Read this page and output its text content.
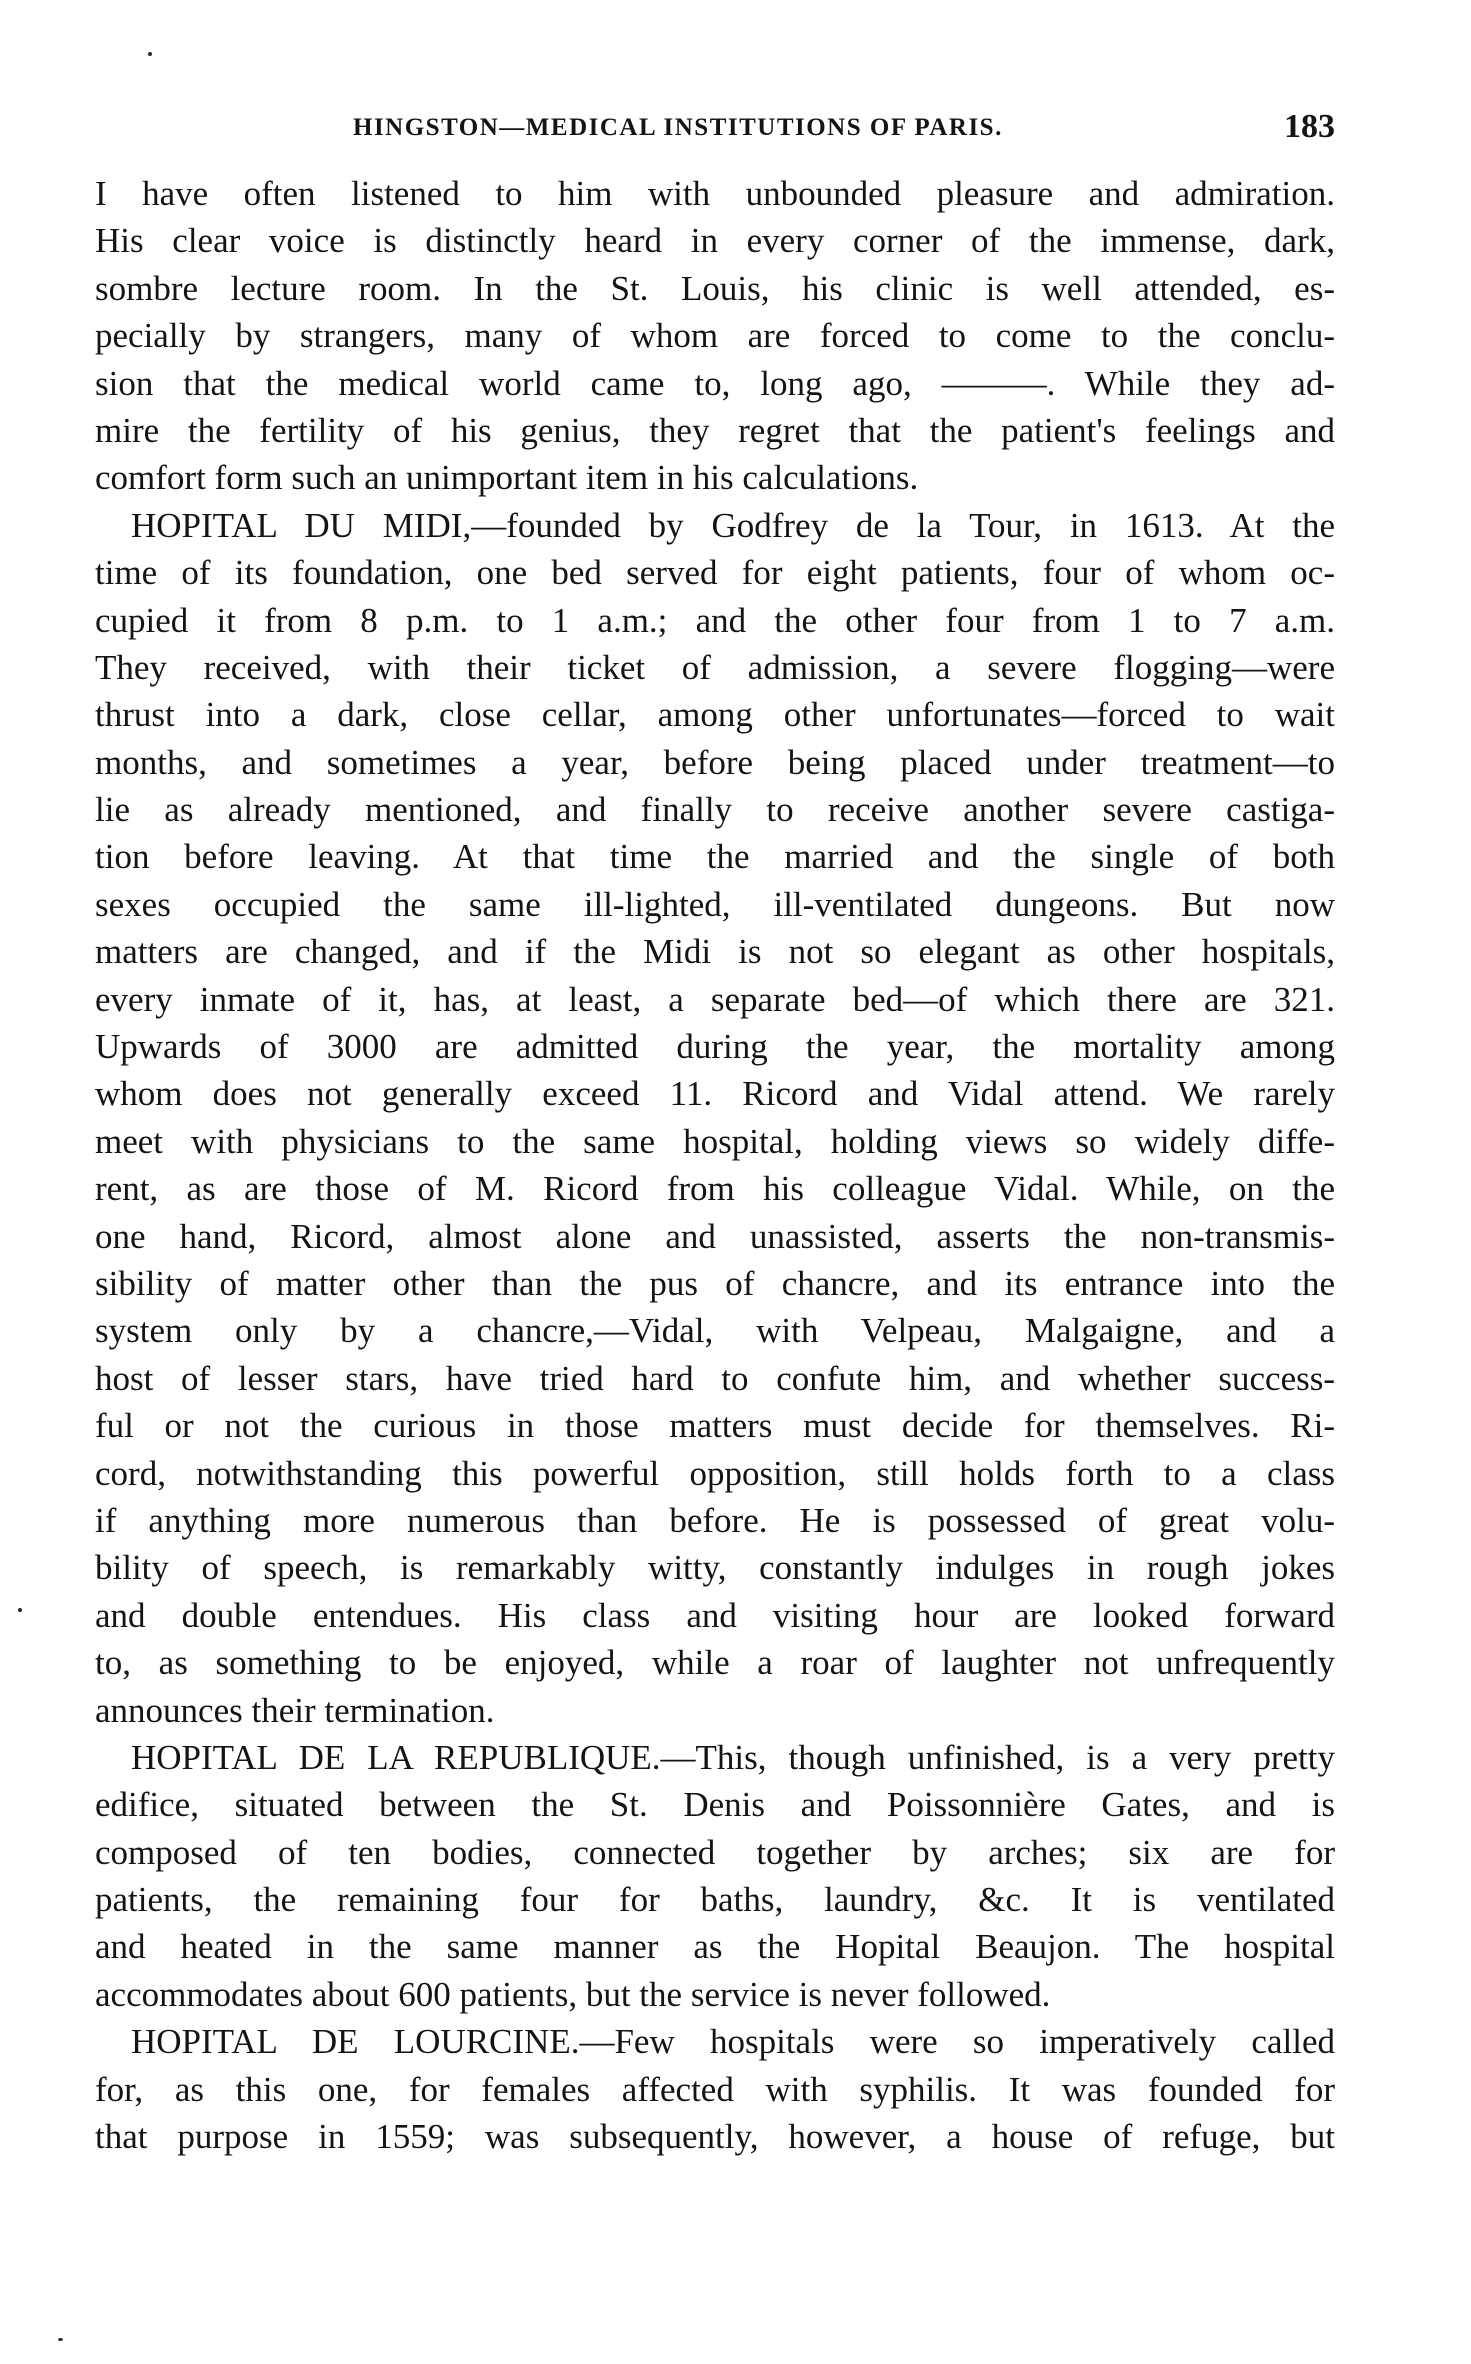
HINGSTON—MEDICAL INSTITUTIONS OF PARIS.	183
I have often listened to him with unbounded pleasure and admiration.
His clear voice is distinctly heard in every corner of the immense, dark,
sombre lecture room. In the St. Louis, his clinic is well attended, es-
pecially by strangers, many of whom are forced to come to the conclu-
sion that the medical world came to, long ago, ———. While they ad-
mire the fertility of his genius, they regret that the patient's feelings and
comfort form such an unimportant item in his calculations.
HOPITAL DU MIDI,—founded by Godfrey de la Tour, in 1613. At the
time of its foundation, one bed served for eight patients, four of whom oc-
cupied it from 8 p.m. to 1 a.m.; and the other four from 1 to 7 a.m.
They received, with their ticket of admission, a severe flogging—were
thrust into a dark, close cellar, among other unfortunates—forced to wait
months, and sometimes a year, before being placed under treatment—to
lie as already mentioned, and finally to receive another severe castiga-
tion before leaving. At that time the married and the single of both
sexes occupied the same ill-lighted, ill-ventilated dungeons. But now
matters are changed, and if the Midi is not so elegant as other hospitals,
every inmate of it, has, at least, a separate bed—of which there are 321.
Upwards of 3000 are admitted during the year, the mortality among
whom does not generally exceed 11. Ricord and Vidal attend. We rarely
meet with physicians to the same hospital, holding views so widely diffe-
rent, as are those of M. Ricord from his colleague Vidal. While, on the
one hand, Ricord, almost alone and unassisted, asserts the non-transmis-
sibility of matter other than the pus of chancre, and its entrance into the
system only by a chancre,—Vidal, with Velpeau, Malgaigne, and a
host of lesser stars, have tried hard to confute him, and whether success-
ful or not the curious in those matters must decide for themselves. Ri-
cord, notwithstanding this powerful opposition, still holds forth to a class
if anything more numerous than before. He is possessed of great volu-
bility of speech, is remarkably witty, constantly indulges in rough jokes
and double entendues. His class and visiting hour are looked forward
to, as something to be enjoyed, while a roar of laughter not unfrequently
announces their termination.
HOPITAL DE LA REPUBLIQUE.—This, though unfinished, is a very pretty
edifice, situated between the St. Denis and Poissonnière Gates, and is
composed of ten bodies, connected together by arches; six are for
patients, the remaining four for baths, laundry, &c. It is ventilated
and heated in the same manner as the Hopital Beaujon. The hospital
accommodates about 600 patients, but the service is never followed.
HOPITAL DE LOURCINE.—Few hospitals were so imperatively called
for, as this one, for females affected with syphilis. It was founded for
that purpose in 1559; was subsequently, however, a house of refuge, but
